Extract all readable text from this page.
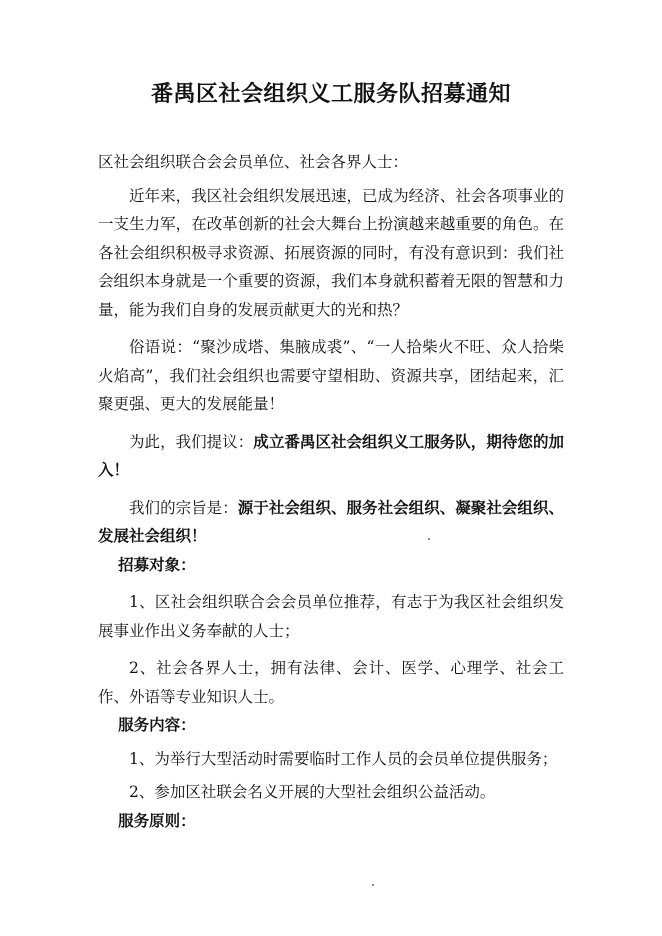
番禺区社会组织义工服务队招募通知

区社会组织联合会会员单位、社会各界人士：

近年来，我区社会组织发展迅速，已成为经济、社会各项事业的一支生力军，在改革创新的社会大舞台上扮演越来越重要的角色。在各社会组织积极寻求资源、拓展资源的同时，有没有意识到：我们社会组织本身就是一个重要的资源，我们本身就积蓄着无限的智慧和力量，能为我们自身的发展贡献更大的光和热？

俗语说：“聚沙成塔、集腋成裘”、“一人拾柴火不旺、众人拾柴火焰高”，我们社会组织也需要守望相助、资源共享，团结起来，汇聚更强、更大的发展能量！

为此，我们提议：成立番禺区社会组织义工服务队，期待您的加入！

我们的宗旨是：源于社会组织、服务社会组织、凝聚社会组织、发展社会组织！

招募对象：

1、区社会组织联合会会员单位推荐，有志于为我区社会组织发展事业作出义务奉献的人士；

2、社会各界人士，拥有法律、会计、医学、心理学、社会工作、外语等专业知识人士。

服务内容：

1、为举行大型活动时需要临时工作人员的会员单位提供服务；

2、参加区社联会名义开展的大型社会组织公益活动。

服务原则：
